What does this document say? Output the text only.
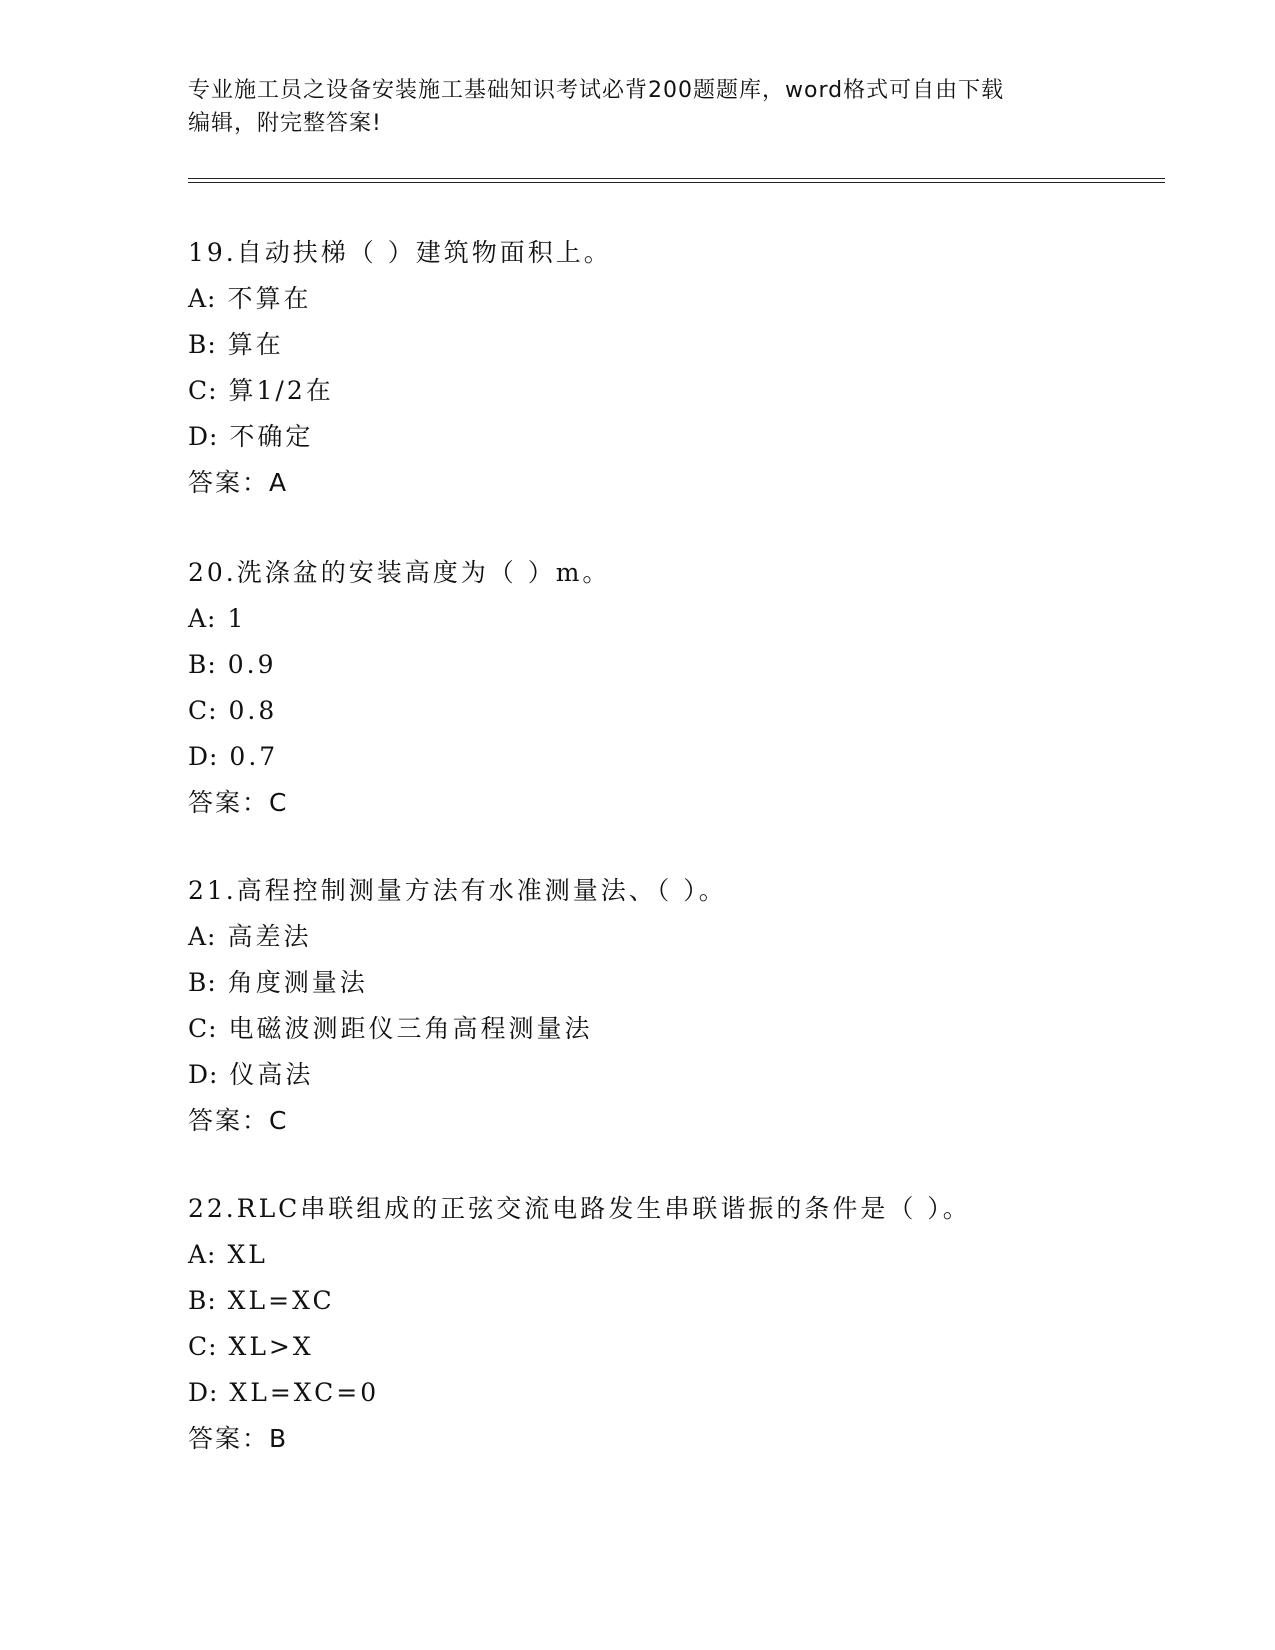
专业施工员之设备安装施工基础知识考试必背200题题库，word格式可自由下载
编辑，附完整答案!
19.自动扶梯（ ）建筑物面积上。
A: 不算在
B: 算在
C: 算1/2在
D: 不确定
答案：A
20.洗涤盆的安装高度为（ ）m。
A: 1
B: 0.9
C: 0.8
D: 0.7
答案：C
21.高程控制测量方法有水准测量法、（ ）。
A: 高差法
B: 角度测量法
C: 电磁波测距仪三角高程测量法
D: 仪高法
答案：C
22.RLC串联组成的正弦交流电路发生串联谐振的条件是（ ）。
A: XL
B: XL=XC
C: XL>X
D: XL=XC=0
答案：B
